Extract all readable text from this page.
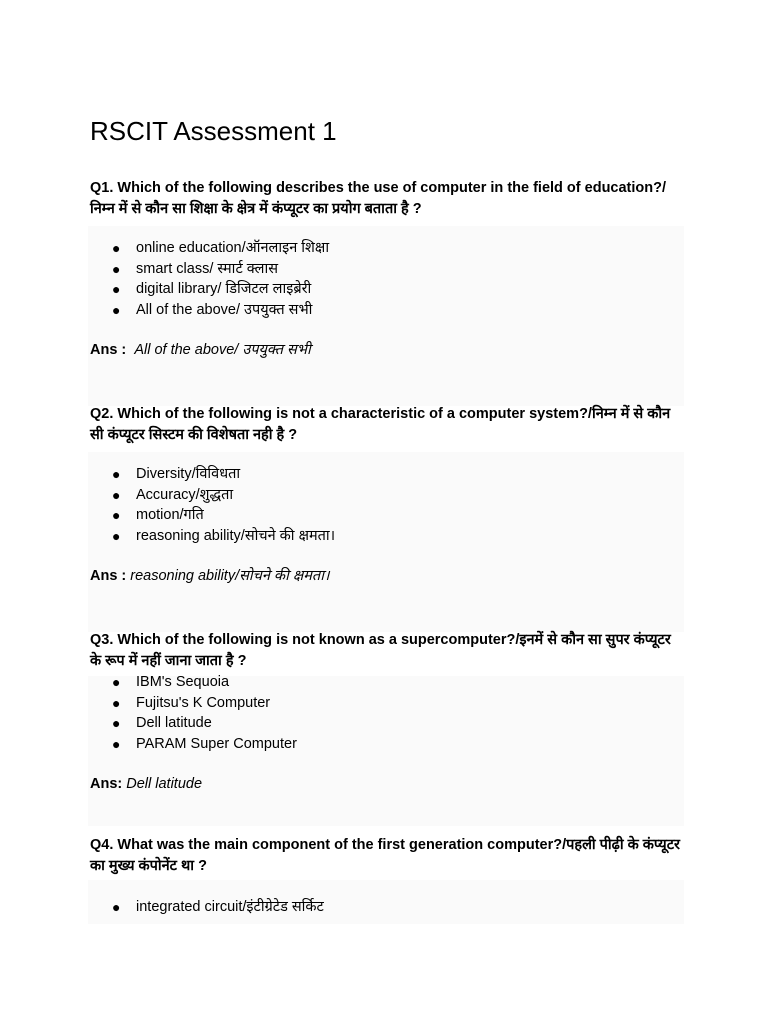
RSCIT Assessment 1

Q1. Which of the following describes the use of computer in the field of education?/ निम्न में से कौन सा शिक्षा के क्षेत्र में कंप्यूटर का प्रयोग बताता है ?

● online education/ऑनलाइन शिक्षा
● smart class/ स्मार्ट क्लास
● digital library/ डिजिटल लाइब्रेरी
● All of the above/ उपयुक्त सभी

Ans : All of the above/ उपयुक्त सभी

Q2. Which of the following is not a characteristic of a computer system?/निम्न में से कौन सी कंप्यूटर सिस्टम की विशेषता नही है ?

● Diversity/विविधता
● Accuracy/शुद्धता
● motion/गति
● reasoning ability/सोचने की क्षमता।

Ans : reasoning ability/सोचने की क्षमता।

Q3. Which of the following is not known as a supercomputer?/इनमें से कौन सा सुपर कंप्यूटर के रूप में नहीं जाना जाता है ?

● IBM's Sequoia
● Fujitsu's K Computer
● Dell latitude
● PARAM Super Computer

Ans: Dell latitude

Q4. What was the main component of the first generation computer?/पहली पीढ़ी के कंप्यूटर का मुख्य कंपोनेंट था ?

● integrated circuit/इंटीग्रेटेड सर्किट
